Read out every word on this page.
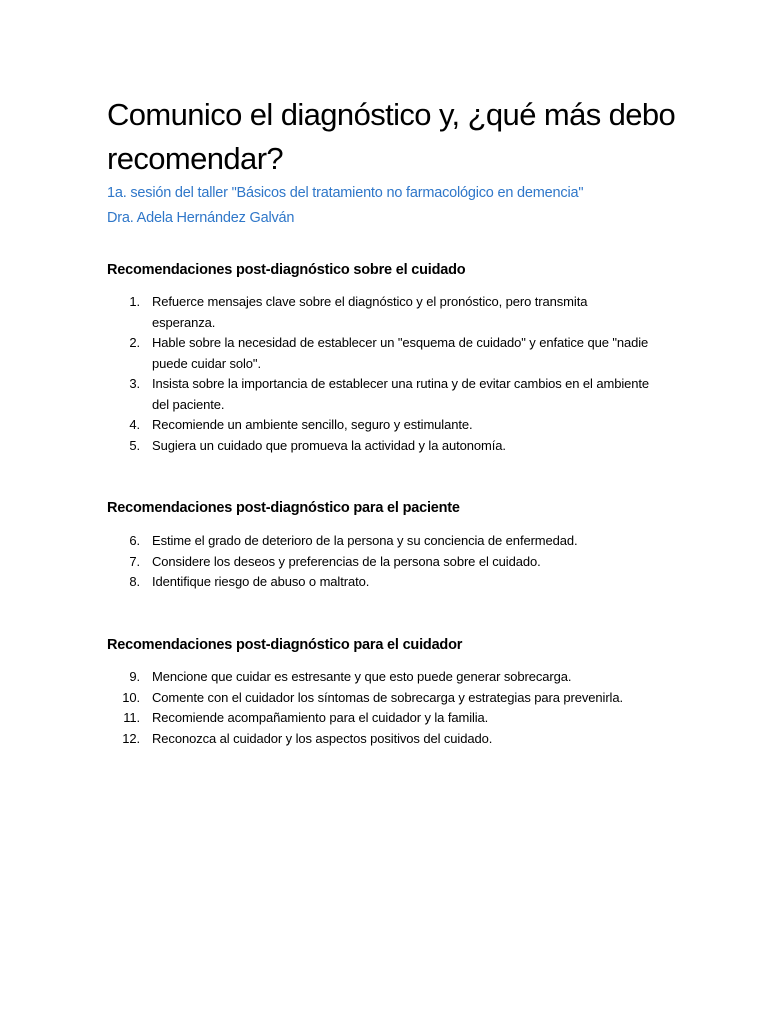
Comunico el diagnóstico y, ¿qué más debo recomendar?
1a. sesión del taller "Básicos del tratamiento no farmacológico en demencia"
Dra. Adela Hernández Galván
Recomendaciones post-diagnóstico sobre el cuidado
1. Refuerce mensajes clave sobre el diagnóstico y el pronóstico, pero transmita esperanza.
2. Hable sobre la necesidad de establecer un "esquema de cuidado" y enfatice que "nadie puede cuidar solo".
3. Insista sobre la importancia de establecer una rutina y de evitar cambios en el ambiente del paciente.
4. Recomiende un ambiente sencillo, seguro y estimulante.
5. Sugiera un cuidado que promueva la actividad y la autonomía.
Recomendaciones post-diagnóstico para el paciente
6. Estime el grado de deterioro de la persona y su conciencia de enfermedad.
7. Considere los deseos y preferencias de la persona sobre el cuidado.
8. Identifique riesgo de abuso o maltrato.
Recomendaciones post-diagnóstico para el cuidador
9. Mencione que cuidar es estresante y que esto puede generar sobrecarga.
10. Comente con el cuidador los síntomas de sobrecarga y estrategias para prevenirla.
11. Recomiende acompañamiento para el cuidador y la familia.
12. Reconozca al cuidador y los aspectos positivos del cuidado.
